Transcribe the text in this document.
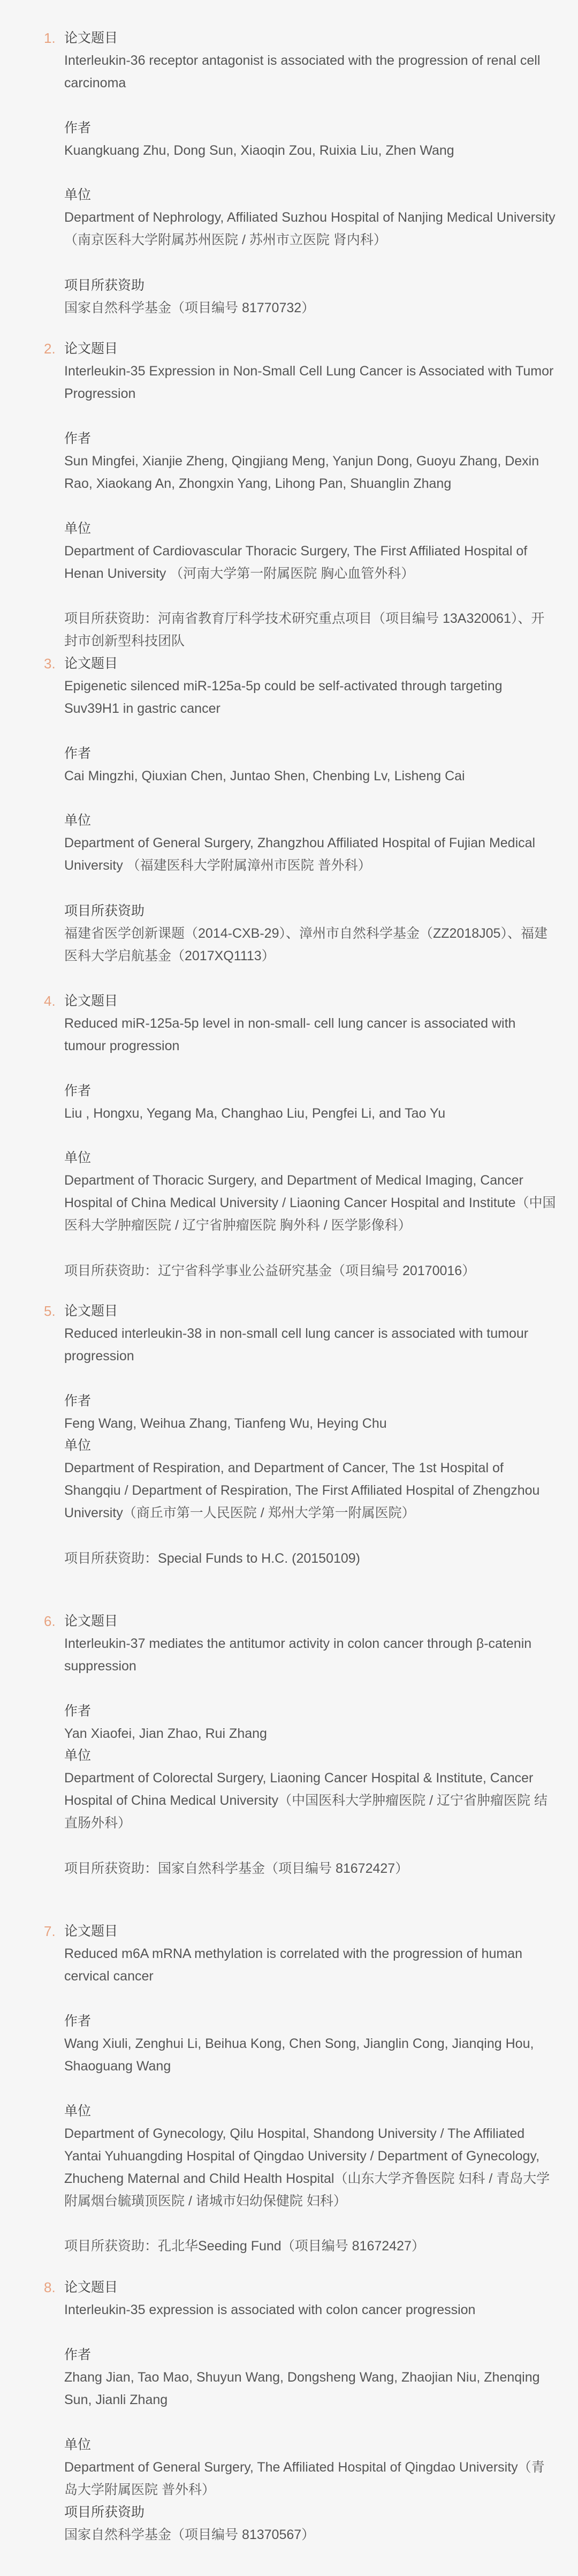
1. 论文题目
Interleukin-36 receptor antagonist is associated with the progression of renal cell carcinoma
作者
Kuangkuang Zhu, Dong Sun, Xiaoqin Zou, Ruixia Liu, Zhen Wang
单位
Department of Nephrology, Affiliated Suzhou Hospital of Nanjing Medical University （南京医科大学附属苏州医院 / 苏州市立医院 肾内科）
项目所获资助
国家自然科学基金（项目编号 81770732）
2. 论文题目
Interleukin-35 Expression in Non-Small Cell Lung Cancer is Associated with Tumor Progression
作者
Sun Mingfei, Xianjie Zheng, Qingjiang Meng, Yanjun Dong, Guoyu Zhang, Dexin Rao, Xiaokang An, Zhongxin Yang, Lihong Pan, Shuanglin Zhang
单位
Department of Cardiovascular Thoracic Surgery, The First Affiliated Hospital of Henan University （河南大学第一附属医院 胸心血管外科）
项目所获资助：河南省教育厅科学技术研究重点项目（项目编号 13A320061）、开封市创新型科技团队
3. 论文题目
Epigenetic silenced miR-125a-5p could be self-activated through targeting Suv39H1 in gastric cancer
作者
Cai Mingzhi, Qiuxian Chen, Juntao Shen, Chenbing Lv, Lisheng Cai
单位
Department of General Surgery, Zhangzhou Affiliated Hospital of Fujian Medical University （福建医科大学附属漳州市医院 普外科）
项目所获资助
福建省医学创新课题（2014-CXB-29）、漳州市自然科学基金（ZZ2018J05）、福建医科大学启航基金（2017XQ1113）
4. 论文题目
Reduced miR-125a-5p level in non-small- cell lung cancer is associated with tumour progression
作者
Liu , Hongxu, Yegang Ma, Changhao Liu, Pengfei Li, and Tao Yu
单位
Department of Thoracic Surgery, and Department of Medical Imaging, Cancer Hospital of China Medical University / Liaoning Cancer Hospital and Institute（中国医科大学肿瘤医院 / 辽宁省肿瘤医院 胸外科 / 医学影像科）
项目所获资助：辽宁省科学事业公益研究基金（项目编号 20170016）
5. 论文题目
Reduced interleukin-38 in non-small cell lung cancer is associated with tumour progression
作者
Feng Wang, Weihua Zhang, Tianfeng Wu, Heying Chu
单位
Department of Respiration, and Department of Cancer, The 1st Hospital of Shangqiu / Department of Respiration, The First Affiliated Hospital of Zhengzhou University（商丘市第一人民医院 / 郑州大学第一附属医院）
项目所获资助：Special Funds to H.C. (20150109)
6. 论文题目
Interleukin-37 mediates the antitumor activity in colon cancer through β-catenin suppression
作者
Yan Xiaofei, Jian Zhao, Rui Zhang
单位
Department of Colorectal Surgery, Liaoning Cancer Hospital & Institute, Cancer Hospital of China Medical University（中国医科大学肿瘤医院 / 辽宁省肿瘤医院 结直肠外科）
项目所获资助：国家自然科学基金（项目编号 81672427）
7. 论文题目
Reduced m6A mRNA methylation is correlated with the progression of human cervical cancer
作者
Wang Xiuli, Zenghui Li, Beihua Kong, Chen Song, Jianglin Cong, Jianqing Hou, Shaoguang Wang
单位
Department of Gynecology, Qilu Hospital, Shandong University / The Affiliated Yantai Yuhuangding Hospital of Qingdao University / Department of Gynecology, Zhucheng Maternal and Child Health Hospital（山东大学齐鲁医院 妇科 / 青岛大学附属烟台毓璜顶医院 / 诸城市妇幼保健院 妇科）
项目所获资助：孔北华Seeding Fund（项目编号 81672427）
8. 论文题目
Interleukin-35 expression is associated with colon cancer progression
作者
Zhang Jian, Tao Mao, Shuyun Wang, Dongsheng Wang, Zhaojian Niu, Zhenqing Sun, Jianli Zhang
单位
Department of General Surgery, The Affiliated Hospital of Qingdao University（青岛大学附属医院 普外科）
项目所获资助
国家自然科学基金（项目编号 81370567）
